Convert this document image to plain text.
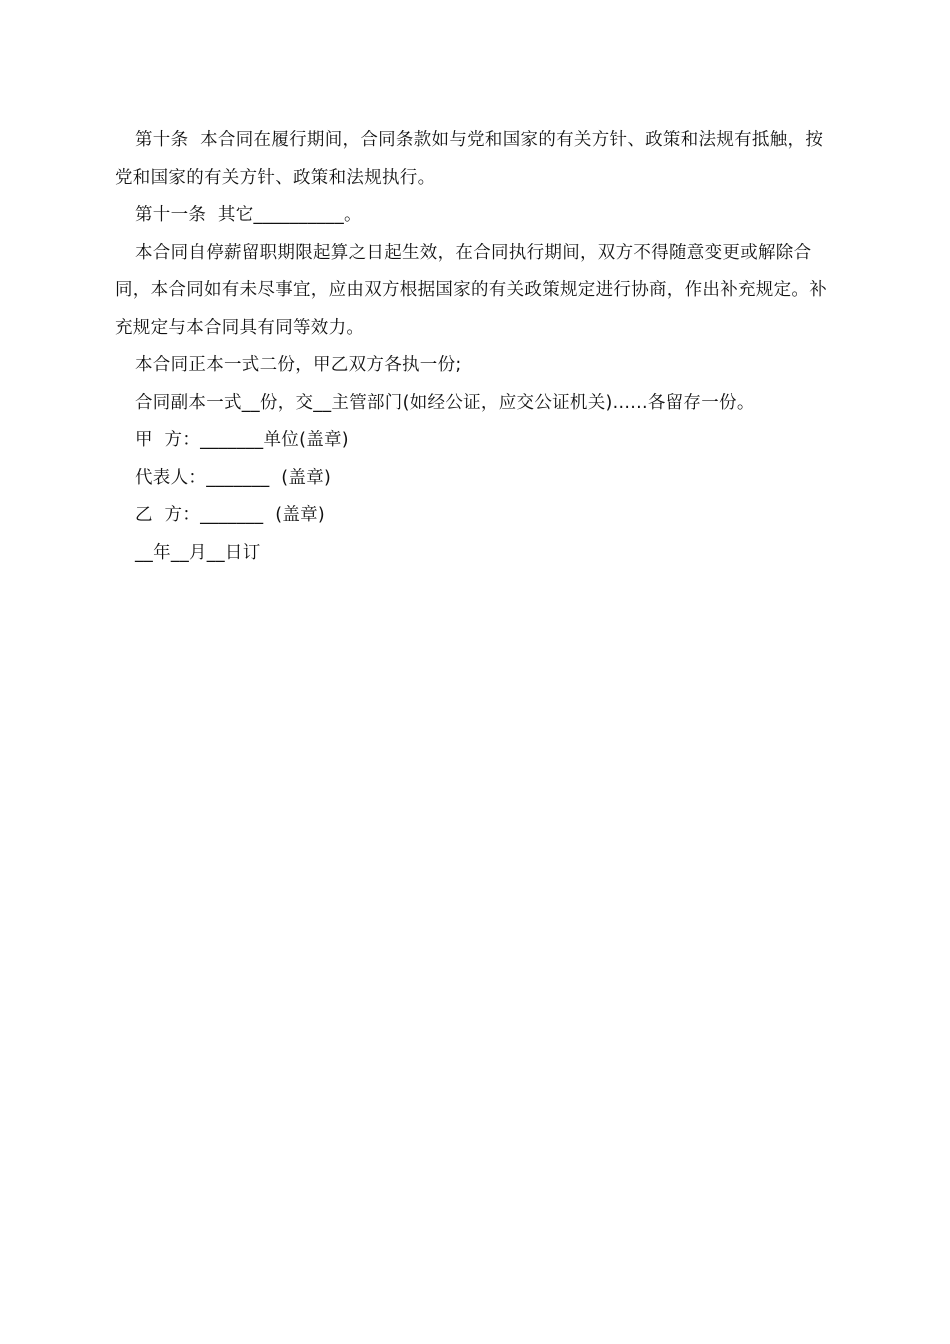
第十条  本合同在履行期间，合同条款如与党和国家的有关方针、政策和法规有抵触，按党和国家的有关方针、政策和法规执行。

第十一条  其它__________。

本合同自停薪留职期限起算之日起生效，在合同执行期间，双方不得随意变更或解除合同，本合同如有未尽事宜，应由双方根据国家的有关政策规定进行协商，作出补充规定。补充规定与本合同具有同等效力。

本合同正本一式二份，甲乙双方各执一份;

合同副本一式__份，交__主管部门(如经公证，应交公证机关)......各留存一份。

甲  方：_______单位(盖章)

代表人：_______  (盖章)

乙  方：_______  (盖章)

__年__月__日订
